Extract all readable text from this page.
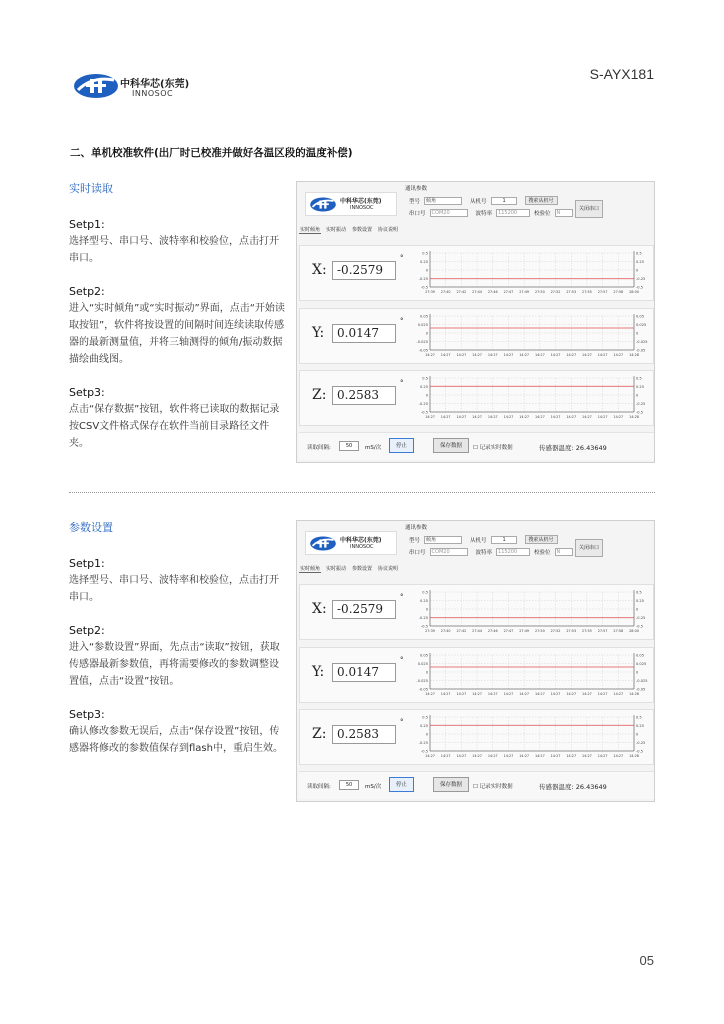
中科华芯(东莞)
INNOSOC
S-AYX181
二、单机校准软件(出厂时已校准并做好各温区段的温度补偿)
实时读取
Setp1:
选择型号、串口号、波特率和校验位，点击打开串口。
Setp2:
进入“实时倾角”或“实时振动”界面，点击“开始读取按钮”，软件将按设置的间隔时间连续读取传感器的最新测量值，并将三轴测得的倾角/振动数据描绘曲线图。
Setp3:
点击“保存数据”按钮，软件将已读取的数据记录按CSV文件格式保存在软件当前目录路径文件夹。
参数设置
Setp1:
选择型号、串口号、波特率和校验位，点击打开串口。
Setp2:
进入“参数设置”界面，先点击“读取”按钮，获取传感器最新参数值，再将需要修改的参数调整设置值，点击“设置”按钮。
Setp3:
确认修改参数无误后，点击“保存设置”按钮，传感器将修改的参数值保存到flash中，重启生效。
中科华芯(东莞)
INNOSOC
通讯参数
型号	倾角	从机号	1	搜索从机号
串口号	COM20	波特率	115200	校验位	N
关闭串口
实时倾角 实时振动 参数设置 协议说明
X: -0.2579
°
0.5	0.5
0.25	0.25
0	0
-0.25	-0.25
-0.5	-0.5
27:39 27:40 27:42 27:44 27:46 27:47 27:49 27:50 27:52 27:53 27:55 27:57 27:58 28:00
Y:	0.0147
°
0.05	0.05
0.025	0.025
0	0
-0.025	-0.025
-0.05	-0.05
14:27 14:27 14:27 14:27 14:27 14:27 14:27 14:27 14:27 14:27 14:27 14:27 14:27 14:28
Z: 0.2583
°
0.5	0.5
0.25	0.25
0	0
-0.25	-0.25
-0.5	-0.5
14:27 14:27 14:27 14:27 14:27 14:27 14:27 14:27 14:27 14:27 14:27 14:27 14:27 14:28
读取间隔:	50	mS/次	停止	保存数据	☐ 记录实时数据	传感器温度: 26.43649
中科华芯(东莞)
INNOSOC
通讯参数
型号	倾角	从机号	1	搜索从机号
串口号	COM20	波特率	115200	校验位	N
关闭串口
实时倾角 实时振动 参数设置 协议说明
X: -0.2579
°
0.5	0.5
0.25	0.25
0	0
-0.25	-0.25
-0.5	-0.5
27:39 27:40 27:42 27:44 27:46 27:47 27:49 27:50 27:52 27:53 27:55 27:57 27:58 28:00
Y:	0.0147
°
0.05	0.05
0.025	0.025
0	0
-0.025	-0.025
-0.05	-0.05
14:27 14:27 14:27 14:27 14:27 14:27 14:27 14:27 14:27 14:27 14:27 14:27 14:27 14:28
Z: 0.2583
°
0.5	0.5
0.25	0.25
0	0
-0.25	-0.25
-0.5	-0.5
14:27 14:27 14:27 14:27 14:27 14:27 14:27 14:27 14:27 14:27 14:27 14:27 14:27 14:28
读取间隔:	50	mS/次	停止	保存数据	☐ 记录实时数据	传感器温度: 26.43649
05
